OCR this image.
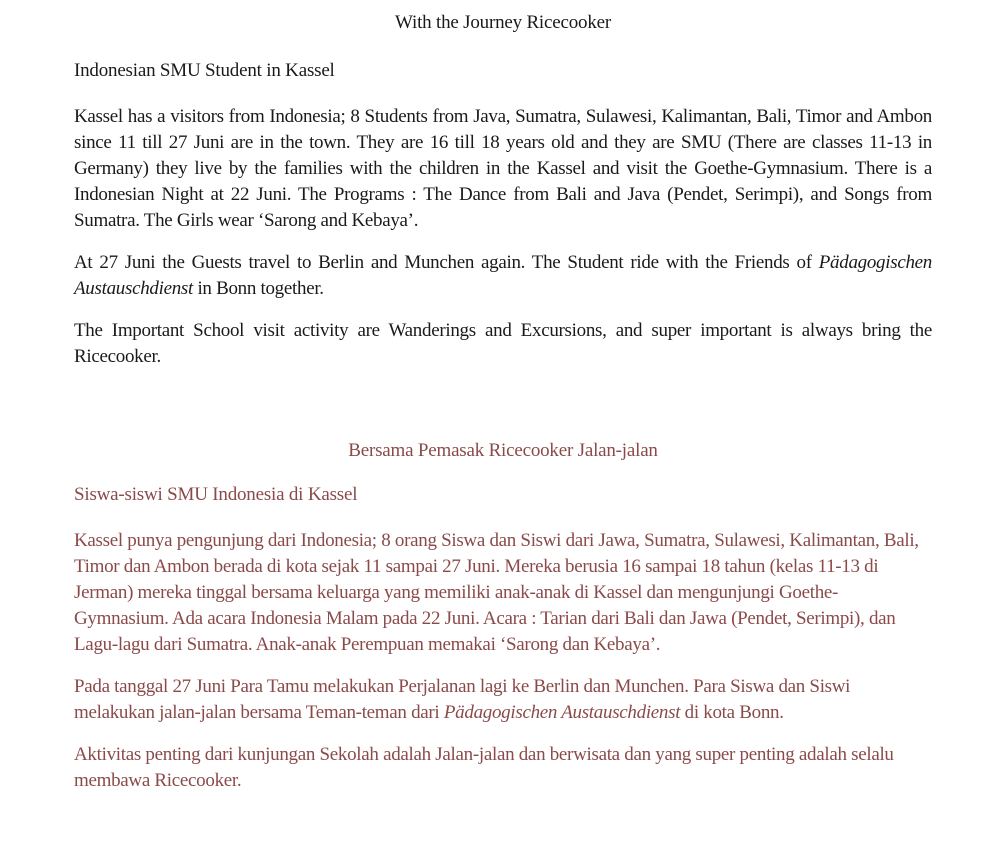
With the Journey Ricecooker
Indonesian SMU Student in Kassel

Kassel has a visitors from Indonesia; 8 Students from Java, Sumatra, Sulawesi, Kalimantan, Bali, Timor and Ambon since 11 till 27 Juni are in the town. They are 16 till 18 years old and they are SMU (There are classes 11-13 in Germany) they live by the families with the children in the Kassel and visit the Goethe-Gymnasium. There is a Indonesian Night at 22 Juni. The Programs : The Dance from Bali and Java (Pendet, Serimpi), and Songs from Sumatra. The Girls wear ‘Sarong and Kebaya’.

At 27 Juni the Guests travel to Berlin and Munchen again. The Student ride with the Friends of Pädagogischen Austauschdienst in Bonn together.

The Important School visit activity are Wanderings and Excursions, and super important is always bring the Ricecooker.

Bersama Pemasak Ricecooker Jalan-jalan
Siswa-siswi SMU Indonesia di Kassel

Kassel punya pengunjung dari Indonesia; 8 orang Siswa dan Siswi dari Jawa, Sumatra, Sulawesi, Kalimantan, Bali, Timor dan Ambon berada di kota sejak 11 sampai 27 Juni. Mereka berusia 16 sampai 18 tahun (kelas 11-13 di Jerman) mereka tinggal bersama keluarga yang memiliki anak-anak di Kassel dan mengunjungi Goethe-Gymnasium. Ada acara Indonesia Malam pada 22 Juni. Acara : Tarian dari Bali dan Jawa (Pendet, Serimpi), dan Lagu-lagu dari Sumatra. Anak-anak Perempuan memakai ‘Sarong dan Kebaya’.

Pada tanggal 27 Juni Para Tamu melakukan Perjalanan lagi ke Berlin dan Munchen. Para Siswa dan Siswi melakukan jalan-jalan bersama Teman-teman dari Pädagogischen Austauschdienst di kota Bonn.

Aktivitas penting dari kunjungan Sekolah adalah Jalan-jalan dan berwisata dan yang super penting adalah selalu membawa Ricecooker.
